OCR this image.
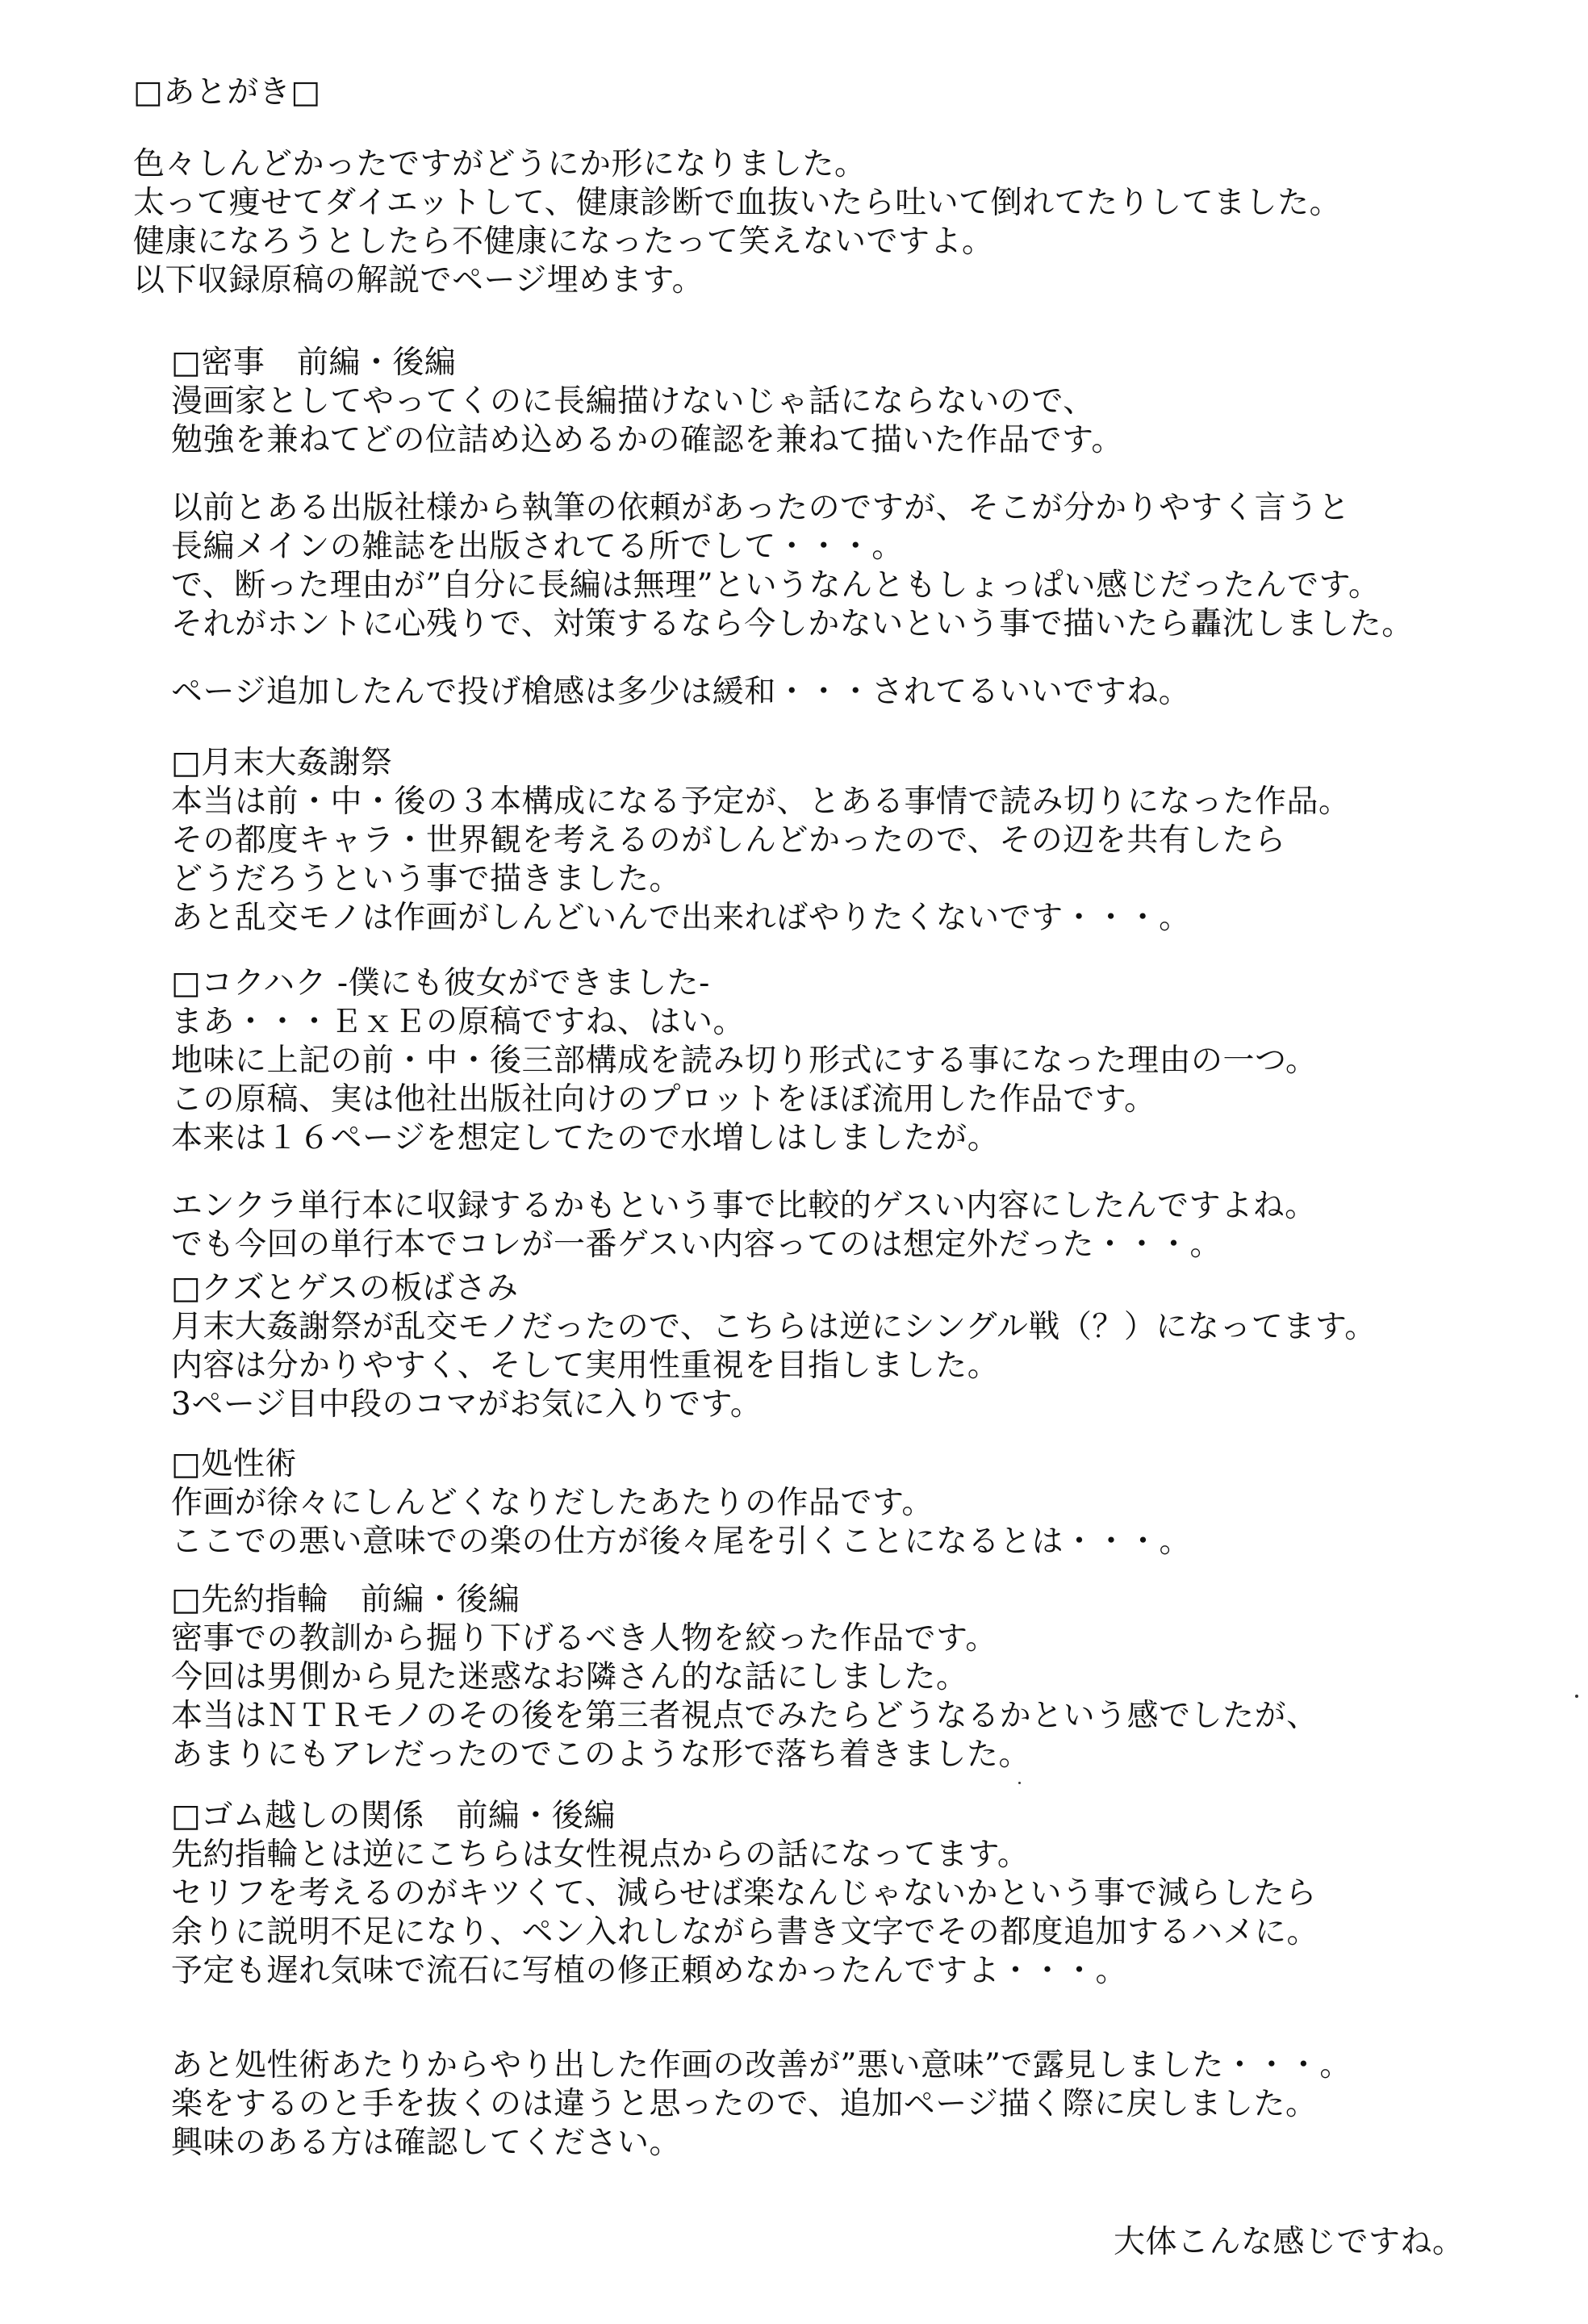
□あとがき□
色々しんどかったですがどうにか形になりました。
太って痩せてダイエットして、健康診断で血抜いたら吐いて倒れてたりしてました。
健康になろうとしたら不健康になったって笑えないですよ。
以下収録原稿の解説でページ埋めます。
□密事　前編・後編
漫画家としてやってくのに長編描けないじゃ話にならないので、
勉強を兼ねてどの位詰め込めるかの確認を兼ねて描いた作品です。
以前とある出版社様から執筆の依頼があったのですが、そこが分かりやすく言うと
長編メインの雑誌を出版されてる所でして・・・。
で、断った理由が”自分に長編は無理”というなんともしょっぱい感じだったんです。
それがホントに心残りで、対策するなら今しかないという事で描いたら轟沈しました。
ページ追加したんで投げ槍感は多少は緩和・・・されてるいいですね。
□月末大姦謝祭
本当は前・中・後の３本構成になる予定が、とある事情で読み切りになった作品。
その都度キャラ・世界観を考えるのがしんどかったので、その辺を共有したら
どうだろうという事で描きました。
あと乱交モノは作画がしんどいんで出来ればやりたくないです・・・。
□コクハク -僕にも彼女ができました-
まあ・・・ＥｘＥの原稿ですね、はい。
地味に上記の前・中・後三部構成を読み切り形式にする事になった理由の一つ。
この原稿、実は他社出版社向けのプロットをほぼ流用した作品です。
本来は１６ページを想定してたので水増しはしましたが。
エンクラ単行本に収録するかもという事で比較的ゲスい内容にしたんですよね。
でも今回の単行本でコレが一番ゲスい内容ってのは想定外だった・・・。
□クズとゲスの板ばさみ
月末大姦謝祭が乱交モノだったので、こちらは逆にシングル戦（？）になってます。
内容は分かりやすく、そして実用性重視を目指しました。
3ページ目中段のコマがお気に入りです。
□処性術
作画が徐々にしんどくなりだしたあたりの作品です。
ここでの悪い意味での楽の仕方が後々尾を引くことになるとは・・・。
□先約指輪　前編・後編
密事での教訓から掘り下げるべき人物を絞った作品です。
今回は男側から見た迷惑なお隣さん的な話にしました。
本当はＮＴＲモノのその後を第三者視点でみたらどうなるかという感でしたが、
あまりにもアレだったのでこのような形で落ち着きました。
□ゴム越しの関係　前編・後編
先約指輪とは逆にこちらは女性視点からの話になってます。
セリフを考えるのがキツくて、減らせば楽なんじゃないかという事で減らしたら
余りに説明不足になり、ペン入れしながら書き文字でその都度追加するハメに。
予定も遅れ気味で流石に写植の修正頼めなかったんですよ・・・。
あと処性術あたりからやり出した作画の改善が”悪い意味”で露見しました・・・。
楽をするのと手を抜くのは違うと思ったので、追加ページ描く際に戻しました。
興味のある方は確認してください。
大体こんな感じですね。
